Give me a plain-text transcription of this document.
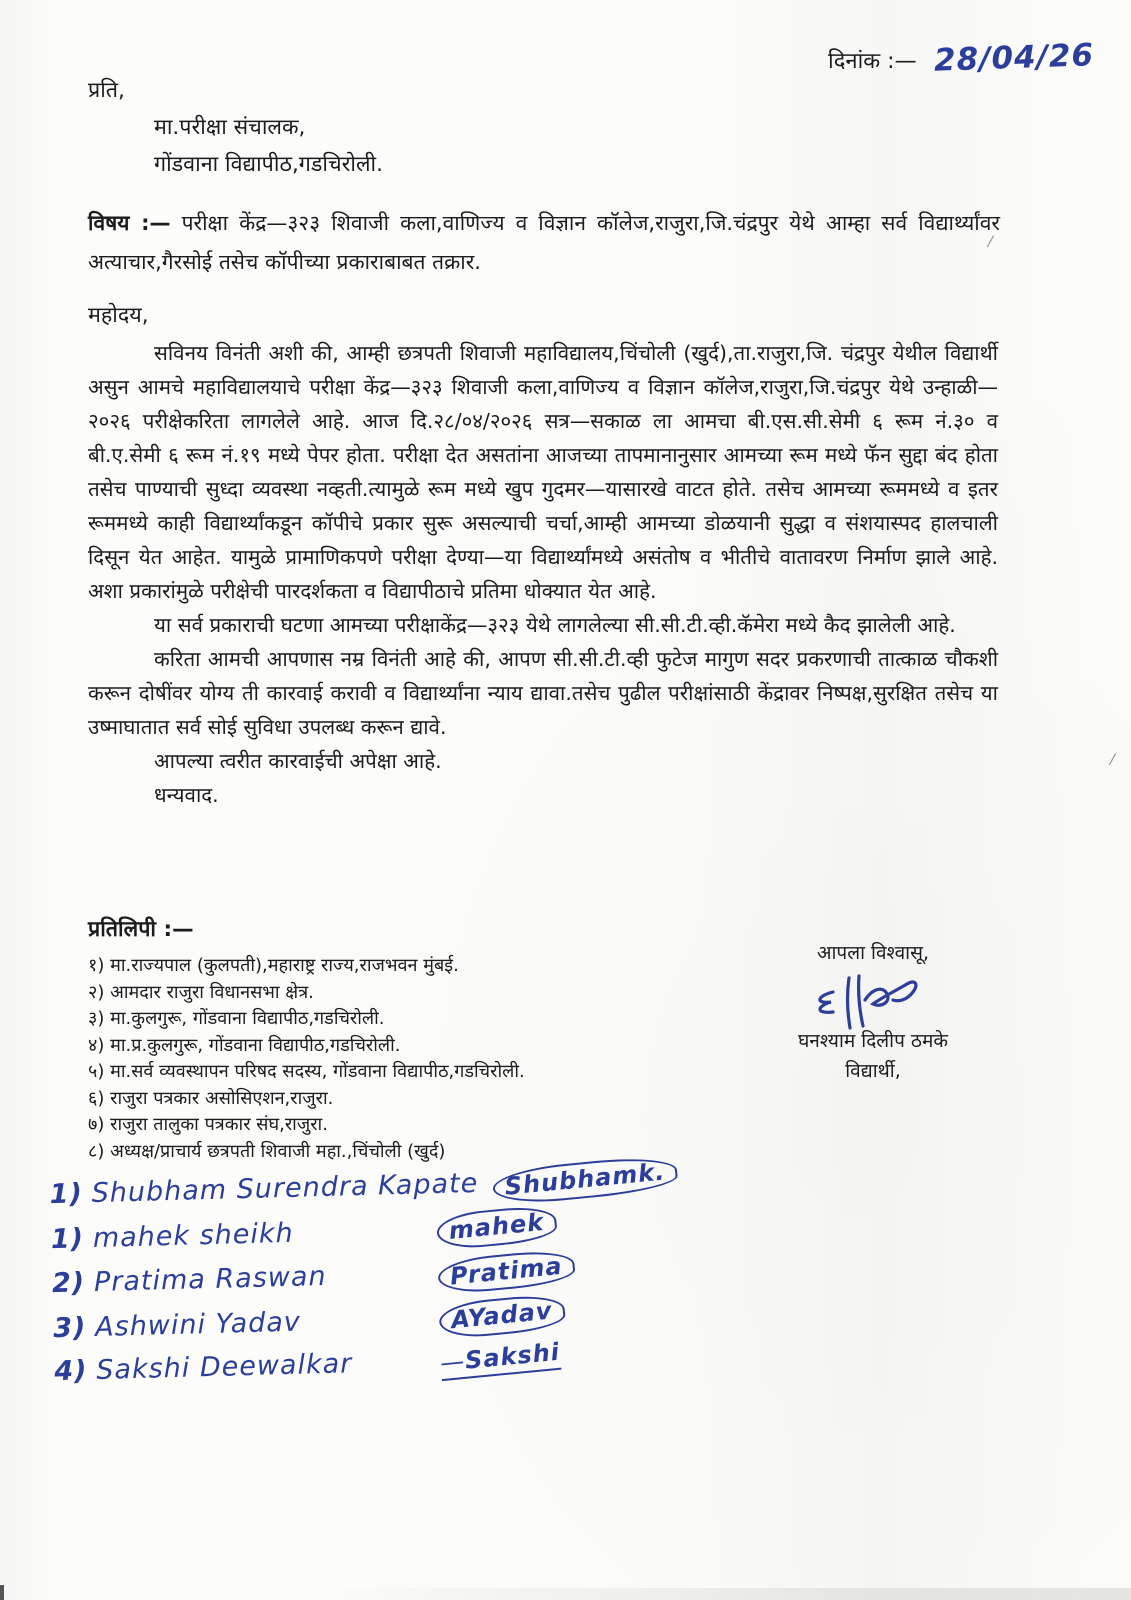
दिनांक :— 28/04/26
प्रति,
मा.परीक्षा संचालक,
गोंडवाना विद्यापीठ,गडचिरोली.
विषय :— परीक्षा केंद्र—३२३ शिवाजी कला,वाणिज्य व विज्ञान कॉलेज,राजुरा,जि.चंद्रपुर येथे आम्हा सर्व विद्यार्थ्यांवर अत्याचार,गैरसोई तसेच कॉपीच्या प्रकाराबाबत तक्रार.
महोदय,

सविनय विनंती अशी की, आम्ही छत्रपती शिवाजी महाविद्यालय,चिंचोली (खुर्द),ता.राजुरा,जि. चंद्रपुर येथील विद्यार्थी असुन आमचे महाविद्यालयाचे परीक्षा केंद्र—३२३ शिवाजी कला,वाणिज्य व विज्ञान कॉलेज,राजुरा,जि.चंद्रपुर येथे उन्हाळी—२०२६ परीक्षेकरिता लागलेले आहे. आज दि.२८/०४/२०२६ सत्र—सकाळ ला आमचा बी.एस.सी.सेमी ६ रूम नं.३० व बी.ए.सेमी ६ रूम नं.१९ मध्ये पेपर होता. परीक्षा देत असतांना आजच्या तापमानानुसार आमच्या रूम मध्ये फॅन सुद्दा बंद होता तसेच पाण्याची सुध्दा व्यवस्था नव्हती.त्यामुळे रूम मध्ये खुप गुदमर—यासारखे वाटत होते. तसेच आमच्या रूममध्ये व इतर रूममध्ये काही विद्यार्थ्यांकडून कॉपीचे प्रकार सुरू असल्याची चर्चा,आम्ही आमच्या डोळयानी सुद्धा व संशयास्पद हालचाली दिसून येत आहेत. यामुळे प्रामाणिकपणे परीक्षा देण्या—या विद्यार्थ्यांमध्ये असंतोष व भीतीचे वातावरण निर्माण झाले आहे. अशा प्रकारांमुळे परीक्षेची पारदर्शकता व विद्यापीठाचे प्रतिमा धोक्यात येत आहे.

या सर्व प्रकाराची घटणा आमच्या परीक्षाकेंद्र—३२३ येथे लागलेल्या सी.सी.टी.व्ही.कॅमेरा मध्ये कैद झालेली आहे.

करिता आमची आपणास नम्र विनंती आहे की, आपण सी.सी.टी.व्ही फुटेज मागुण सदर प्रकरणाची तात्काळ चौकशी करून दोषींवर योग्य ती कारवाई करावी व विद्यार्थ्यांना न्याय द्यावा.तसेच पुढील परीक्षांसाठी केंद्रावर निष्पक्ष,सुरक्षित तसेच या उष्माघातात सर्व सोई सुविधा उपलब्ध करून द्यावे.

आपल्या त्वरीत कारवाईची अपेक्षा आहे.

धन्यवाद.

प्रतिलिपी :—
१) मा.राज्यपाल (कुलपती),महाराष्ट्र राज्य,राजभवन मुंबई.
२) आमदार राजुरा विधानसभा क्षेत्र.
३) मा.कुलगुरू, गोंडवाना विद्यापीठ,गडचिरोली.
४) मा.प्र.कुलगुरू, गोंडवाना विद्यापीठ,गडचिरोली.
५) मा.सर्व व्यवस्थापन परिषद सदस्य, गोंडवाना विद्यापीठ,गडचिरोली.
६) राजुरा पत्रकार असोसिएशन,राजुरा.
७) राजुरा तालुका पत्रकार संघ,राजुरा.
८) अध्यक्ष/प्राचार्य छत्रपती शिवाजी महा.,चिंचोली (खुर्द)
आपला विश्वासू,
घनश्याम दिलीप ठमके
विद्यार्थी,
1) Shubham Surendra Kapate	Shubhamk.
1) mahek sheikh	mahek
2) Pratima Raswan	Pratima
3) Ashwini Yadav	AYadav
4) Sakshi Deewalkar	—Sakshi
/
/
